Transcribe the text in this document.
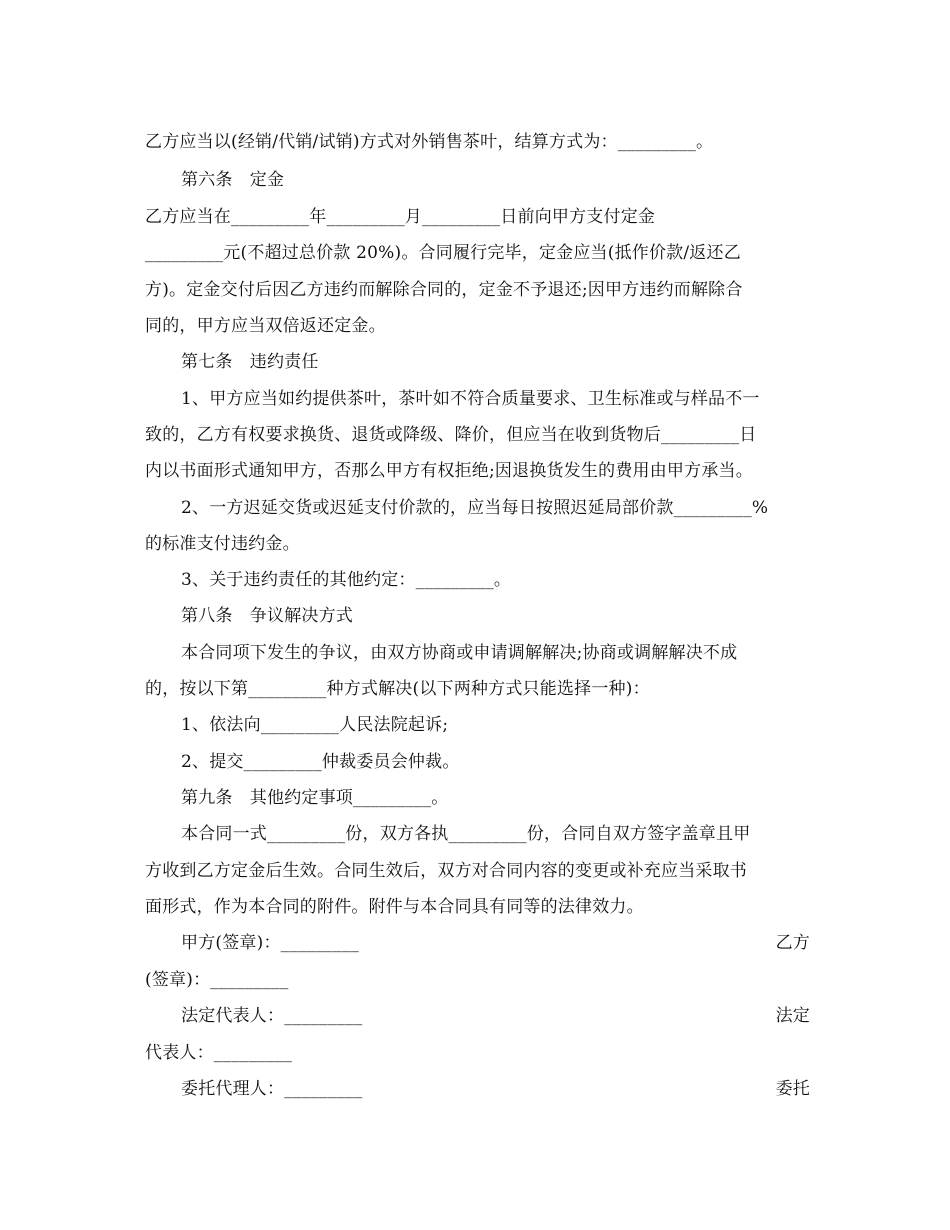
乙方应当以(经销/代销/试销)方式对外销售茶叶，结算方式为：_________。
第六条　定金
乙方应当在_________年_________月_________日前向甲方支付定金
_________元(不超过总价款 20%)。合同履行完毕，定金应当(抵作价款/返还乙
方)。定金交付后因乙方违约而解除合同的，定金不予退还;因甲方违约而解除合
同的，甲方应当双倍返还定金。
第七条　违约责任
1、甲方应当如约提供茶叶，茶叶如不符合质量要求、卫生标准或与样品不一
致的，乙方有权要求换货、退货或降级、降价，但应当在收到货物后_________日
内以书面形式通知甲方，否那么甲方有权拒绝;因退换货发生的费用由甲方承当。
2、一方迟延交货或迟延支付价款的，应当每日按照迟延局部价款_________%
的标准支付违约金。
3、关于违约责任的其他约定：_________。
第八条　争议解决方式
本合同项下发生的争议，由双方协商或申请调解解决;协商或调解解决不成
的，按以下第_________种方式解决(以下两种方式只能选择一种)：
1、依法向_________人民法院起诉;
2、提交_________仲裁委员会仲裁。
第九条　其他约定事项_________。
本合同一式_________份，双方各执_________份，合同自双方签字盖章且甲
方收到乙方定金后生效。合同生效后，双方对合同内容的变更或补充应当采取书
面形式，作为本合同的附件。附件与本合同具有同等的法律效力。
甲方(签章)：_________	乙方
(签章)：_________
法定代表人：_________	法定
代表人：_________
委托代理人：_________	委托
